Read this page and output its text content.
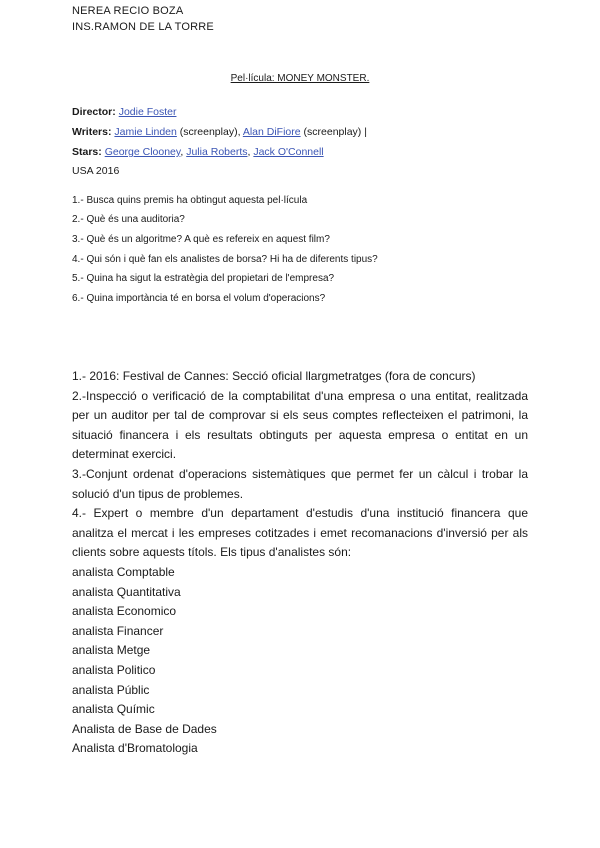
NEREA RECIO BOZA
INS.RAMON DE LA TORRE
Pel·lícula: MONEY MONSTER.
Director: Jodie Foster
Writers: Jamie Linden (screenplay), Alan DiFiore (screenplay) |
Stars: George Clooney, Julia Roberts, Jack O'Connell
USA 2016
1.- Busca quins premis ha obtingut aquesta pel·lícula
2.- Què és una auditoria?
3.- Què és un algoritme? A què es refereix en aquest film?
4.- Qui són i què fan els analistes de borsa? Hi ha de diferents tipus?
5.- Quina ha sigut la estratègia del propietari de l'empresa?
6.- Quina importància té en borsa el volum d'operacions?

1.- 2016: Festival de Cannes: Secció oficial llargmetratges (fora de concurs)

2.-Inspecció o verificació de la comptabilitat d'una empresa o una entitat, realitzada per un auditor per tal de comprovar si els seus comptes reflecteixen el patrimoni, la situació financera i els resultats obtinguts per aquesta empresa o entitat en un determinat exercici.

3.-Conjunt ordenat d'operacions sistemàtiques que permet fer un càlcul i trobar la solució d'un tipus de problemes.

4.- Expert o membre d'un departament d'estudis d'una institució financera que analitza el mercat i les empreses cotitzades i emet recomanacions d'inversió per als clients sobre aquests títols. Els tipus d'analistes són:

analista Comptable

analista Quantitativa

analista Economico

analista Financer

analista Metge

analista Politico

analista Públic

analista Químic

Analista de Base de Dades

Analista d'Bromatologia
